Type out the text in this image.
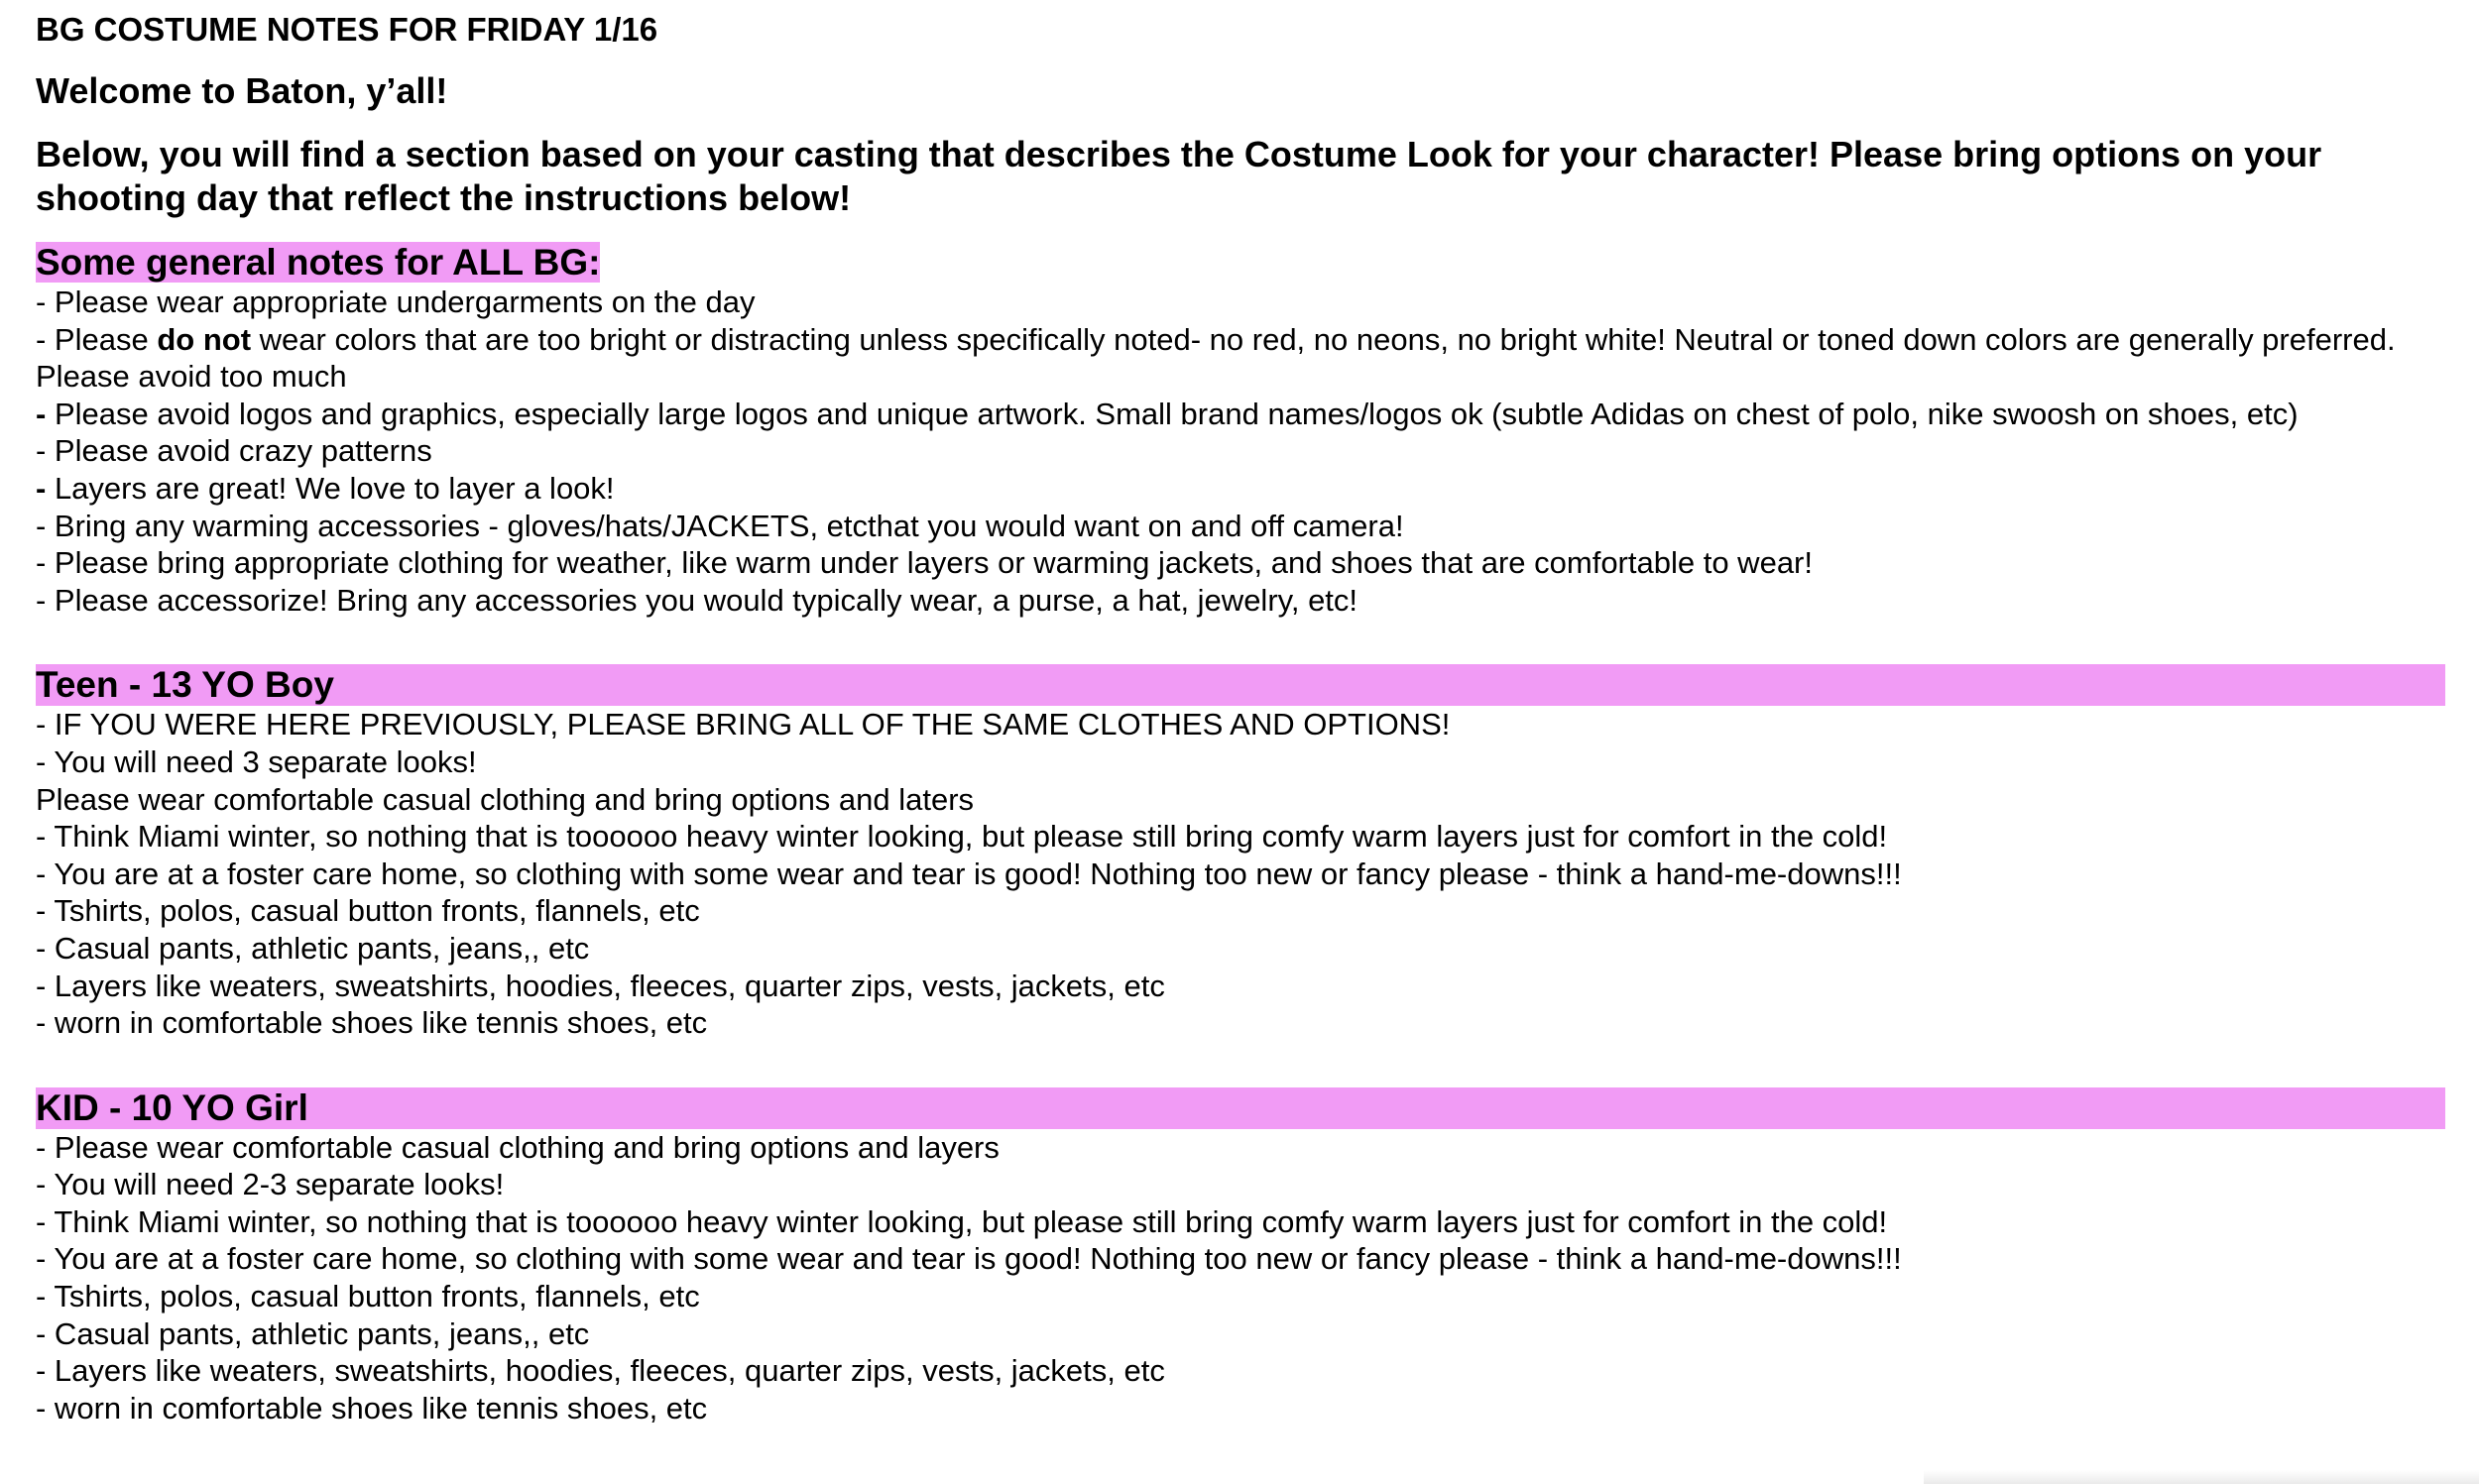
BG COSTUME NOTES FOR FRIDAY 1/16
Welcome to Baton, y’all!
Below, you will find a section based on your casting that describes the Costume Look for your character! Please bring options on your shooting day that reflect the instructions below!
Some general notes for ALL BG:
- Please wear appropriate undergarments on the day
- Please do not wear colors that are too bright or distracting unless specifically noted- no red, no neons, no bright white! Neutral or toned down colors are generally preferred.
Please avoid too much
- Please avoid logos and graphics, especially large logos and unique artwork. Small brand names/logos ok (subtle Adidas on chest of polo, nike swoosh on shoes, etc)
- Please avoid crazy patterns
- Layers are great! We love to layer a look!
- Bring any warming accessories - gloves/hats/JACKETS, etcthat you would want on and off camera!
- Please bring appropriate clothing for weather, like warm under layers or warming jackets, and shoes that are comfortable to wear!
- Please accessorize! Bring any accessories you would typically wear, a purse, a hat, jewelry, etc!
Teen - 13 YO Boy
- IF YOU WERE HERE PREVIOUSLY, PLEASE BRING ALL OF THE SAME CLOTHES AND OPTIONS!
- You will need 3 separate looks!
Please wear comfortable casual clothing and bring options and laters
- Think Miami winter, so nothing that is toooooo heavy winter looking, but please still bring comfy warm layers just for comfort in the cold!
- You are at a foster care home, so clothing with some wear and tear is good! Nothing too new or fancy please - think a hand-me-downs!!!
- Tshirts, polos, casual button fronts, flannels, etc
- Casual pants, athletic pants, jeans,, etc
- Layers like weaters, sweatshirts, hoodies, fleeces, quarter zips, vests, jackets, etc
- worn in comfortable shoes like tennis shoes, etc
KID - 10 YO Girl
- Please wear comfortable casual clothing and bring options and layers
- You will need 2-3 separate looks!
- Think Miami winter, so nothing that is toooooo heavy winter looking, but please still bring comfy warm layers just for comfort in the cold!
- You are at a foster care home, so clothing with some wear and tear is good! Nothing too new or fancy please - think a hand-me-downs!!!
- Tshirts, polos, casual button fronts, flannels, etc
- Casual pants, athletic pants, jeans,, etc
- Layers like weaters, sweatshirts, hoodies, fleeces, quarter zips, vests, jackets, etc
- worn in comfortable shoes like tennis shoes, etc
